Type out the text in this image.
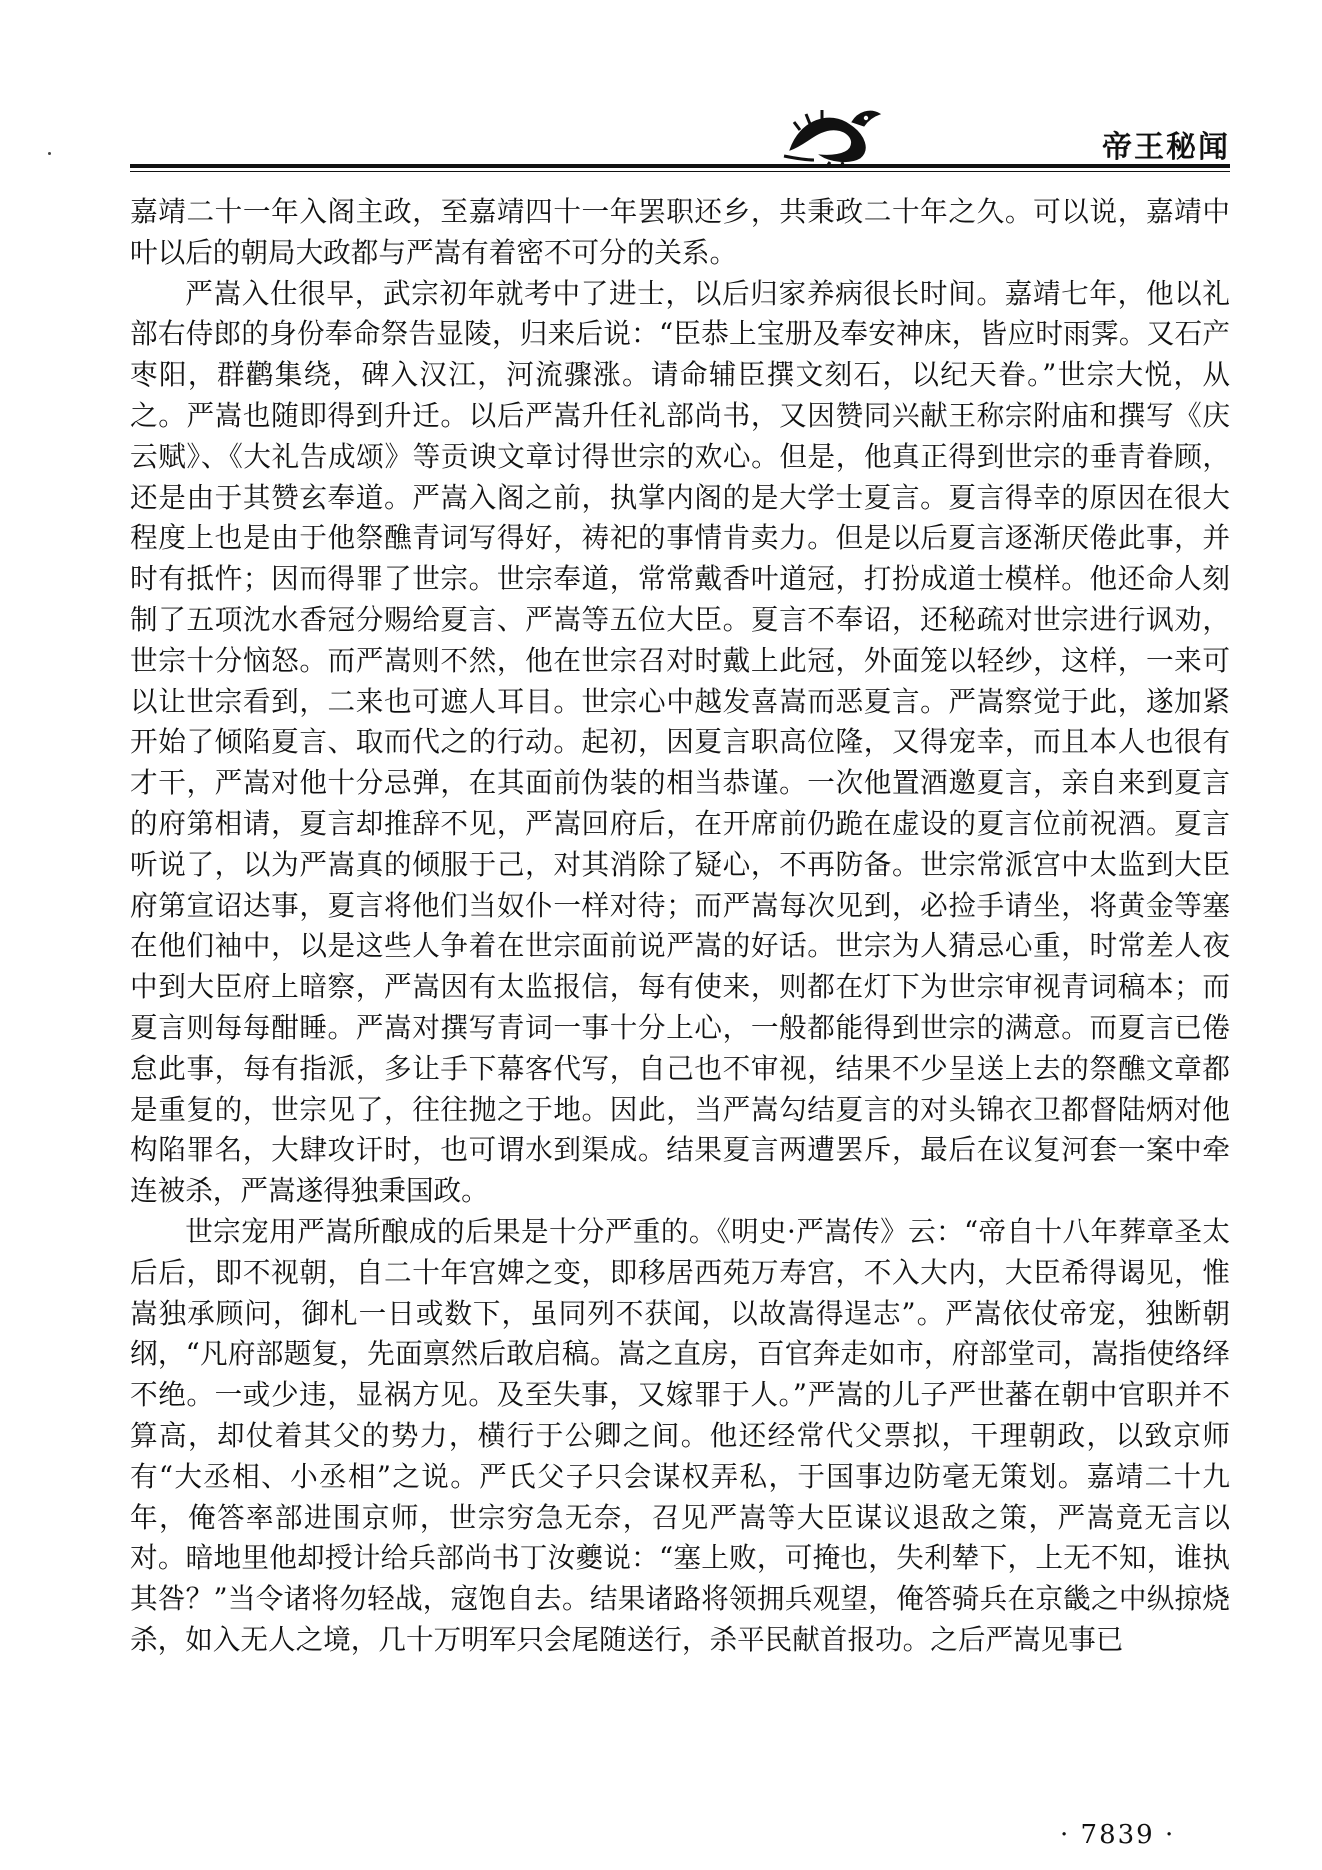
帝王秘闻

嘉靖二十一年入阁主政，至嘉靖四十一年罢职还乡，共秉政二十年之久。可以说，嘉靖中叶以后的朝局大政都与严嵩有着密不可分的关系。

严嵩入仕很早，武宗初年就考中了进士，以后归家养病很长时间。嘉靖七年，他以礼部右侍郎的身份奉命祭告显陵，归来后说：“臣恭上宝册及奉安神床，皆应时雨霁。又石产枣阳，群鹳集绕，碑入汉江，河流骤涨。请命辅臣撰文刻石，以纪天眷。”世宗大悦，从之。严嵩也随即得到升迁。以后严嵩升任礼部尚书，又因赞同兴献王称宗附庙和撰写《庆云赋》、《大礼告成颂》等贡谀文章讨得世宗的欢心。但是，他真正得到世宗的垂青眷顾，还是由于其赞玄奉道。严嵩入阁之前，执掌内阁的是大学士夏言。夏言得幸的原因在很大程度上也是由于他祭醮青词写得好，祷祀的事情肯卖力。但是以后夏言逐渐厌倦此事，并时有抵忤；因而得罪了世宗。世宗奉道，常常戴香叶道冠，打扮成道士模样。他还命人刻制了五项沈水香冠分赐给夏言、严嵩等五位大臣。夏言不奉诏，还秘疏对世宗进行讽劝，世宗十分恼怒。而严嵩则不然，他在世宗召对时戴上此冠，外面笼以轻纱，这样，一来可以让世宗看到，二来也可遮人耳目。世宗心中越发喜嵩而恶夏言。严嵩察觉于此，遂加紧开始了倾陷夏言、取而代之的行动。起初，因夏言职高位隆，又得宠幸，而且本人也很有才干，严嵩对他十分忌弹，在其面前伪装的相当恭谨。一次他置酒邀夏言，亲自来到夏言的府第相请，夏言却推辞不见，严嵩回府后，在开席前仍跪在虚设的夏言位前祝酒。夏言听说了，以为严嵩真的倾服于己，对其消除了疑心，不再防备。世宗常派宫中太监到大臣府第宣诏达事，夏言将他们当奴仆一样对待；而严嵩每次见到，必捡手请坐，将黄金等塞在他们袖中，以是这些人争着在世宗面前说严嵩的好话。世宗为人猜忌心重，时常差人夜中到大臣府上暗察，严嵩因有太监报信，每有使来，则都在灯下为世宗审视青词稿本；而夏言则每每酣睡。严嵩对撰写青词一事十分上心，一般都能得到世宗的满意。而夏言已倦怠此事，每有指派，多让手下幕客代写，自己也不审视，结果不少呈送上去的祭醮文章都是重复的，世宗见了，往往抛之于地。因此，当严嵩勾结夏言的对头锦衣卫都督陆炳对他构陷罪名，大肆攻讦时，也可谓水到渠成。结果夏言两遭罢斥，最后在议复河套一案中牵连被杀，严嵩遂得独秉国政。

世宗宠用严嵩所酿成的后果是十分严重的。《明史·严嵩传》云：“帝自十八年葬章圣太后后，即不视朝，自二十年宫婢之变，即移居西苑万寿宫，不入大内，大臣希得谒见，惟嵩独承顾问，御札一日或数下，虽同列不获闻，以故嵩得逞志”。严嵩依仗帝宠，独断朝纲，“凡府部题复，先面禀然后敢启稿。嵩之直房，百官奔走如市，府部堂司，嵩指使络绎不绝。一或少违，显祸方见。及至失事，又嫁罪于人。”严嵩的儿子严世蕃在朝中官职并不算高，却仗着其父的势力，横行于公卿之间。他还经常代父票拟，干理朝政，以致京师有“大丞相、小丞相”之说。严氏父子只会谋权弄私，于国事边防毫无策划。嘉靖二十九年，俺答率部进围京师，世宗穷急无奈，召见严嵩等大臣谋议退敌之策，严嵩竟无言以对。暗地里他却授计给兵部尚书丁汝夔说：“塞上败，可掩也，失利辇下，上无不知，谁执其咎？”当令诸将勿轻战，寇饱自去。结果诸路将领拥兵观望，俺答骑兵在京畿之中纵掠烧杀，如入无人之境，几十万明军只会尾随送行，杀平民献首报功。之后严嵩见事已

· 7839 ·
